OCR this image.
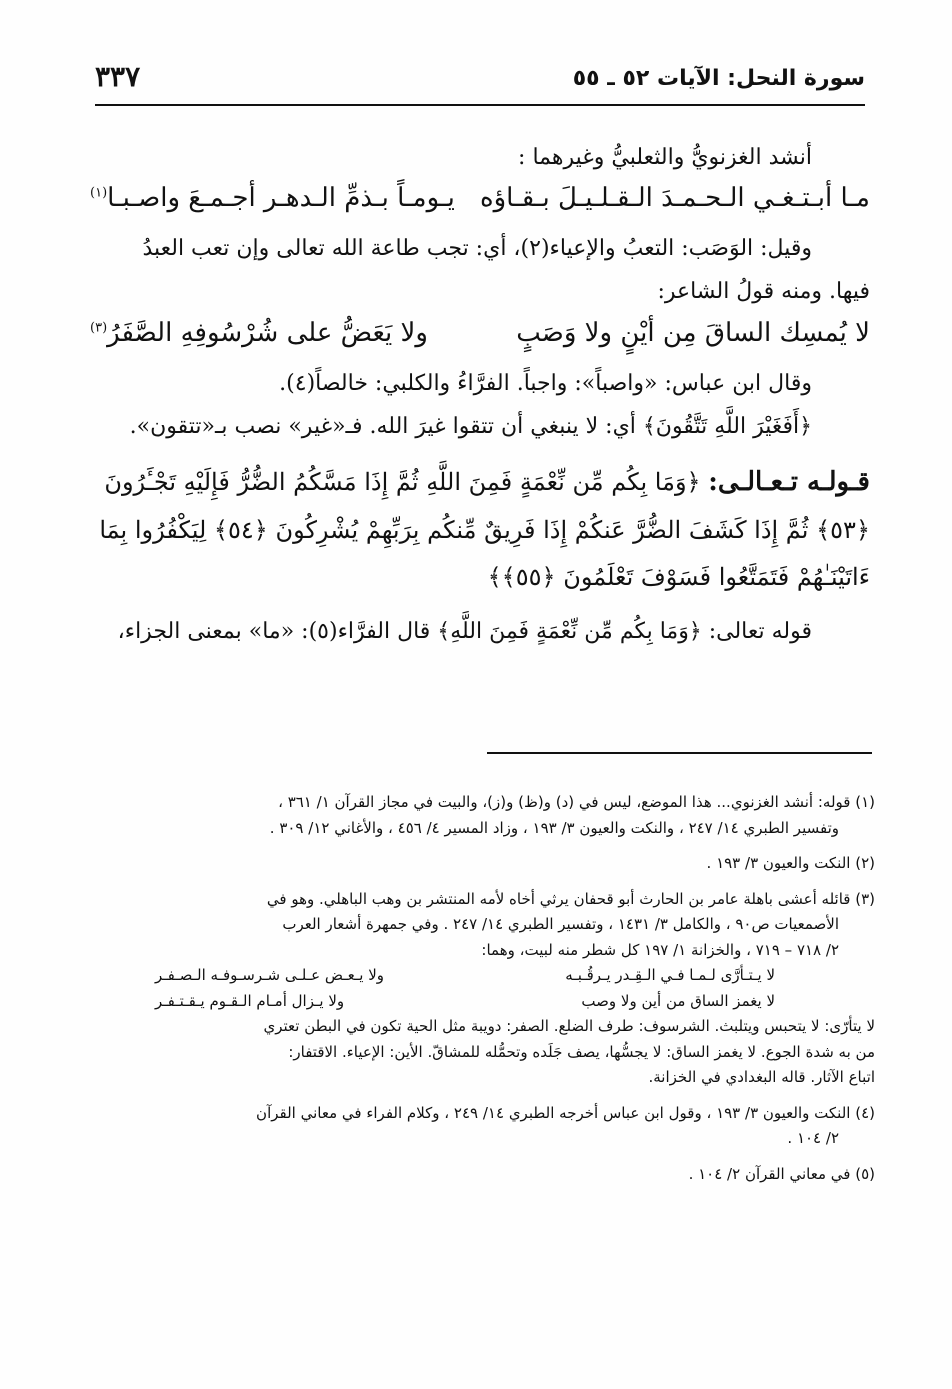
سورة النحل: الآيات ٥٢ ـ ٥٥
٣٣٧

أنشد الغزنويُّ والثعلبيُّ وغيرهما :

مـا أبـتـغـي الـحـمـدَ الـقـلـيـلَ بـقـاؤه
يـومـاً بـذمِّ الـدهـر أجـمـعَ واصـبـا$^{(١)}$

وقيل: الوَصَب: التعبُ والإعياء(٢)، أي: تجب طاعة الله تعالى وإن تعب العبدُ

فيها. ومنه قولُ الشاعر:

لا يُمسِك الساقَ مِن أيْنٍ ولا وَصَبٍ
ولا يَعَضُّ على شُرْسُوفِهِ الصَّفَرُ$^{(٣)}$

وقال ابن عباس: «واصباً»: واجباً. الفرَّاءُ والكلبي: خالصاً(٤).

﴿أَفَغَيْرَ اللَّهِ تَتَّقُونَ﴾ أي: لا ينبغي أن تتقوا غيرَ الله. فـ«غير» نصب بـ«تتقون».

قـولـه تـعـالـى: ﴿وَمَا بِكُم مِّن نِّعْمَةٍ فَمِنَ اللَّهِ ثُمَّ إِذَا مَسَّكُمُ الضُّرُّ فَإِلَيْهِ تَجْـَٔرُونَ

﴿٥٣﴾ ثُمَّ إِذَا كَشَفَ الضُّرَّ عَنكُمْ إِذَا فَرِيقٌ مِّنكُم بِرَبِّهِمْ يُشْرِكُونَ ﴿٥٤﴾ لِيَكْفُرُوا بِمَا

ءَاتَيْنَـٰهُمْ فَتَمَتَّعُوا فَسَوْفَ تَعْلَمُونَ ﴿٥٥﴾﴾

قوله تعالى: ﴿وَمَا بِكُم مِّن نِّعْمَةٍ فَمِنَ اللَّهِ﴾ قال الفرَّاء(٥): «ما» بمعنى الجزاء،

(١) قوله: أنشد الغزنوي... هذا الموضع، ليس في (د) و(ظ) و(ز)، والبيت في مجاز القرآن ١/ ٣٦١ ،
وتفسير الطبري ١٤/ ٢٤٧ ، والنكت والعيون ٣/ ١٩٣ ، وزاد المسير ٤/ ٤٥٦ ، والأغاني ١٢/ ٣٠٩ .
(٢) النكت والعيون ٣/ ١٩٣ .
(٣) قائله أعشى باهلة عامر بن الحارث أبو قحفان يرثي أخاه لأمه المنتشر بن وهب الباهلي. وهو في
الأصمعيات ص٩٠ ، والكامل ٣/ ١٤٣١ ، وتفسير الطبري ١٤/ ٢٤٧ . وفي جمهرة أشعار العرب
٢/ ٧١٨ – ٧١٩ ، والخزانة ١/ ١٩٧ كل شطر منه لبيت، وهما:
لا يـتـأرَّى لـمـا فـي الـقِـدر يـرقُـبـه
ولا يـعـض عـلـى شـرسـوفـه الـصـفـر
لا يغمز الساق من أين ولا وصب
ولا يـزال أمـام الـقـوم يـقـتـفـر
لا يتأرّى: لا يتحبس ويتلبث. الشرسوف: طرف الضلع. الصفر: دويبة مثل الحية تكون في البطن تعتري
من به شدة الجوع. لا يغمز الساق: لا يجسُّها، يصف جَلَده وتحمُّله للمشاقّ. الأين: الإعياء. الاقتفار:
اتباع الآثار. قاله البغدادي في الخزانة.
(٤) النكت والعيون ٣/ ١٩٣ ، وقول ابن عباس أخرجه الطبري ١٤/ ٢٤٩ ، وكلام الفراء في معاني القرآن
٢/ ١٠٤ .
(٥) في معاني القرآن ٢/ ١٠٤ .
